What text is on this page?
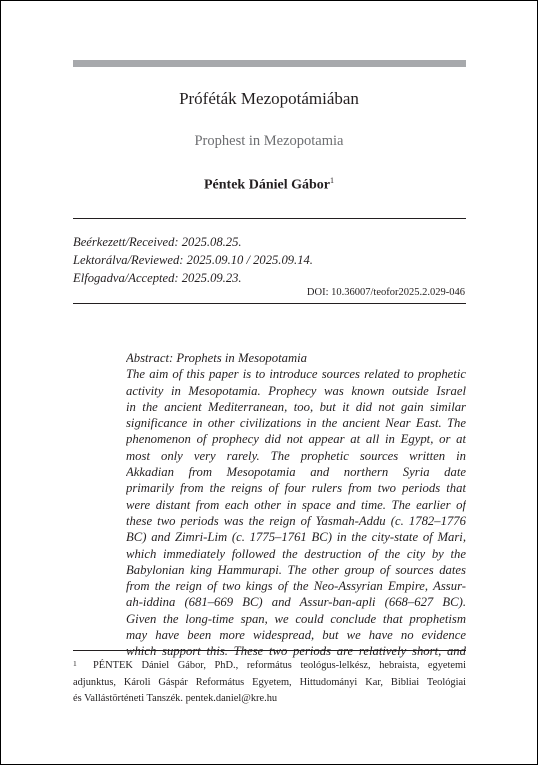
Próféták Mezopotámiában
Prophest in Mezopotamia
Péntek Dániel Gábor$^1$
Beérkezett/Received: 2025.08.25.
Lektorálva/Reviewed: 2025.09.10 / 2025.09.14.
Elfogadva/Accepted: 2025.09.23.
DOI: 10.36007/teofor2025.2.029-046
Abstract: Prophets in Mesopotamia
The aim of this paper is to introduce sources related to prophetic
activity in Mesopotamia. Prophecy was known outside Israel
in the ancient Mediterranean, too, but it did not gain similar
significance in other civilizations in the ancient Near East. The
phenomenon of prophecy did not appear at all in Egypt, or at
most only very rarely. The prophetic sources written in
Akkadian from Mesopotamia and northern Syria date
primarily from the reigns of four rulers from two periods that
were distant from each other in space and time. The earlier of
these two periods was the reign of Yasmah-Addu (c. 1782–1776
BC) and Zimri-Lim (c. 1775–1761 BC) in the city-state of Mari,
which immediately followed the destruction of the city by the
Babylonian king Hammurapi. The other group of sources dates
from the reign of two kings of the Neo-Assyrian Empire, Assur-
ah-iddina (681–669 BC) and Assur-ban-apli (668–627 BC).
Given the long-time span, we could conclude that prophetism
may have been more widespread, but we have no evidence
which support this. These two periods are relatively short, and
1	PÉNTEK Dániel Gábor, PhD., református teológus-lelkész, hebraista, egyetemi
adjunktus, Károli Gáspár Református Egyetem, Hittudományi Kar, Bibliai Teológiai
és Vallástörténeti Tanszék. pentek.daniel@kre.hu
